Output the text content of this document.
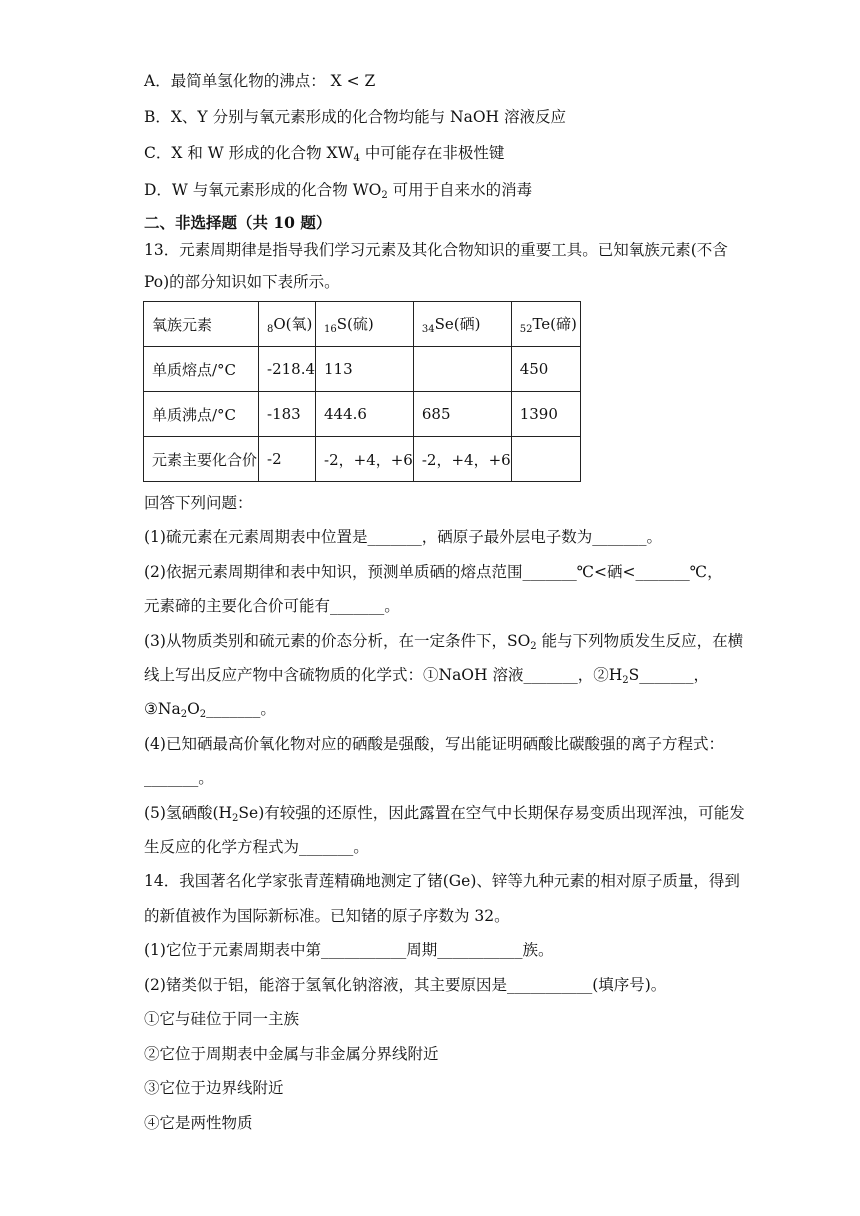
A．最简单氢化物的沸点： X < Z
B．X、Y 分别与氧元素形成的化合物均能与 NaOH 溶液反应
C．X 和 W 形成的化合物 $XW_4$ 中可能存在非极性键
D．W 与氧元素形成的化合物 $WO_2$ 可用于自来水的消毒
二、非选择题（共 10 题）
13．元素周期律是指导我们学习元素及其化合物知识的重要工具。已知氧族元素(不含
Po)的部分知识如下表所示。
氧族元素	$_8$O(氧)	$_{16}$S(硫)	$_{34}$Se(硒)	$_{52}$Te(碲)
单质熔点/°C	-218.4	113		450
单质沸点/°C	-183	444.6	685	1390
元素主要化合价	-2	-2，+4，+6	-2，+4，+6	
回答下列问题：
(1)硫元素在元素周期表中位置是_______，硒原子最外层电子数为_______。
(2)依据元素周期律和表中知识，预测单质硒的熔点范围_______℃<硒<_______℃，
元素碲的主要化合价可能有_______。
(3)从物质类别和硫元素的价态分析，在一定条件下，$SO_2$ 能与下列物质发生反应，在横
线上写出反应产物中含硫物质的化学式：①NaOH 溶液_______，$②H_2S\_\_\_\_\_\_\_$，
$③Na_2O_2\_\_\_\_\_\_\_$。
(4)已知硒最高价氧化物对应的硒酸是强酸，写出能证明硒酸比碳酸强的离子方程式：
_______。
(5)氢硒酸$(H_2Se)$有较强的还原性，因此露置在空气中长期保存易变质出现浑浊，可能发
生反应的化学方程式为_______。
14．我国著名化学家张青莲精确地测定了锗(Ge)、锌等九种元素的相对原子质量，得到
的新值被作为国际新标准。已知锗的原子序数为 32。
(1)它位于元素周期表中第___________周期___________族。
(2)锗类似于铝，能溶于氢氧化钠溶液，其主要原因是___________(填序号)。
①它与硅位于同一主族
②它位于周期表中金属与非金属分界线附近
③它位于边界线附近
④它是两性物质
